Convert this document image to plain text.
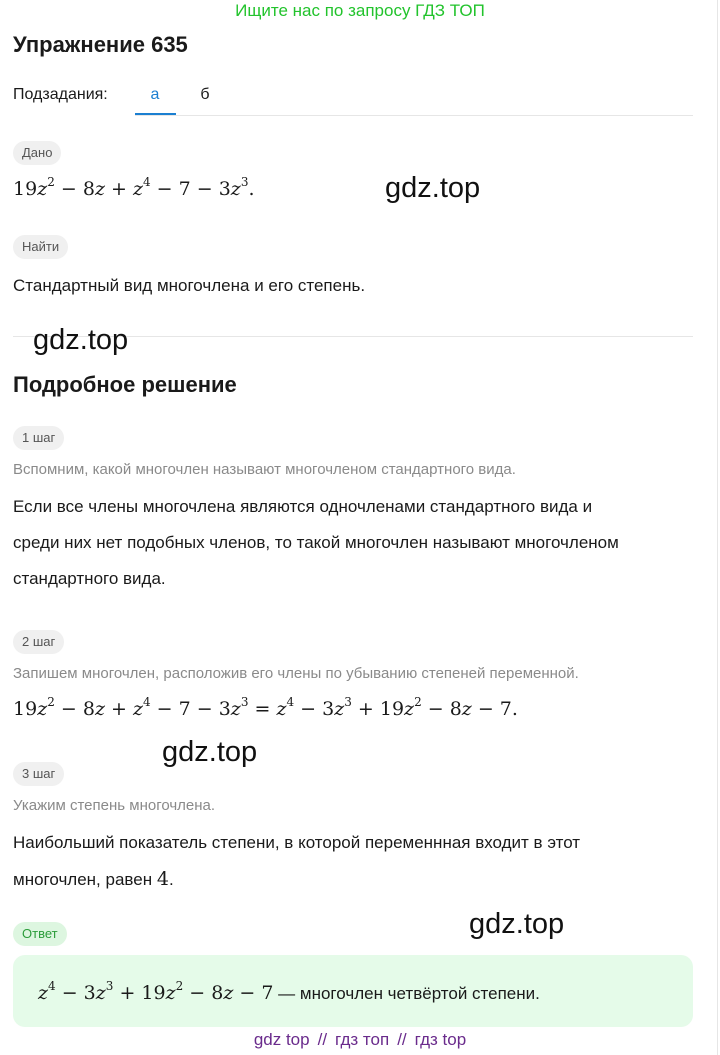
Ищите нас по запросу ГДЗ ТОП
Упражнение 635
Подзадания:	а	б
Дано
$19z^2 - 8z + z^4 - 7 - 3z^3$.	gdz.top
Найти
Стандартный вид многочлена и его степень.
gdz.top
Подробное решение
1 шаг
Вспомним, какой многочлен называют многочленом стандартного вида.
Если все члены многочлена являются одночленами стандартного вида и
среди них нет подобных членов, то такой многочлен называют многочленом
стандартного вида.
2 шаг
Запишем многочлен, расположив его члены по убыванию степеней переменной.
$19z^2 - 8z + z^4 - 7 - 3z^3 = z^4 - 3z^3 + 19z^2 - 8z - 7$.
gdz.top
3 шаг
Укажим степень многочлена.
Наибольший показатель степени, в которой переменнная входит в этот
многочлен, равен 4.
Ответ	gdz.top
$z^4 - 3z^3 + 19z^2 - 8z - 7$ — многочлен четвёртой степени.
gdz top // гдз топ // гдз top
